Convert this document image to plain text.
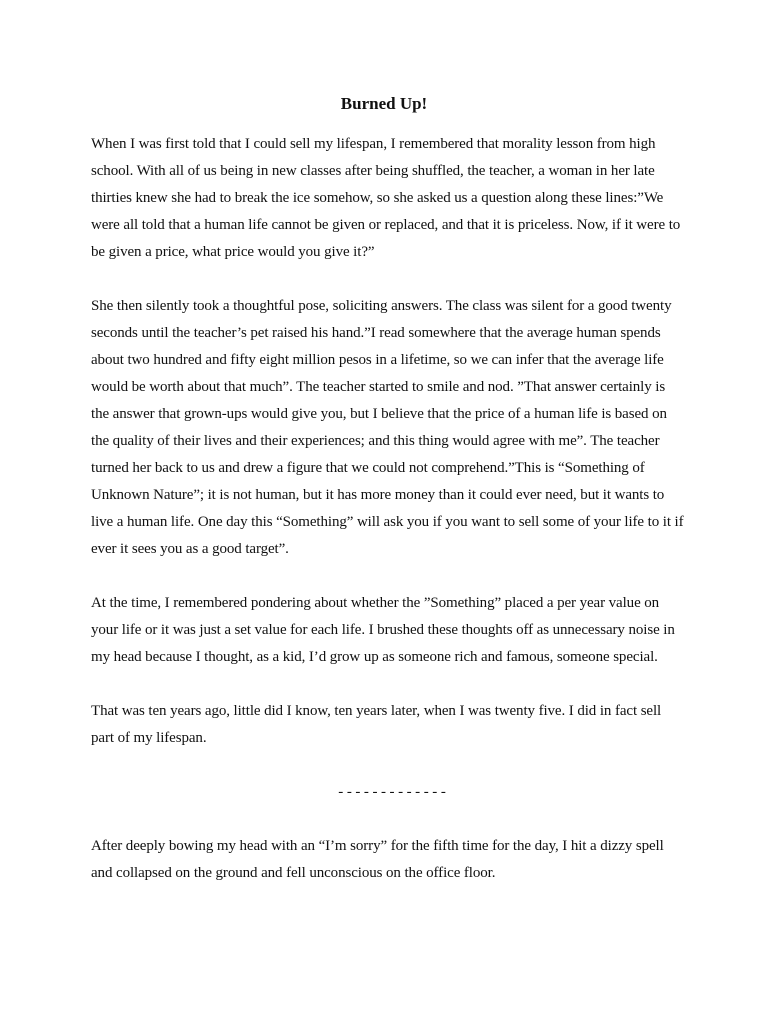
Burned Up!

When I was first told that I could sell my lifespan, I remembered that morality lesson from high school. With all of us being in new classes after being shuffled, the teacher, a woman in her late thirties knew she had to break the ice somehow, so she asked us a question along these lines:”We were all told that a human life cannot be given or replaced, and that it is priceless. Now, if it were to be given a price, what price would you give it?”

She then silently took a thoughtful pose, soliciting answers. The class was silent for a good twenty seconds until the teacher’s pet raised his hand.”I read somewhere that the average human spends about two hundred and fifty eight million pesos in a lifetime, so we can infer that the average life would be worth about that much”. The teacher started to smile and nod. ”That answer certainly is the answer that grown-ups would give you, but I believe that the price of a human life is based on the quality of their lives and their experiences; and this thing would agree with me”. The teacher turned her back to us and drew a figure that we could not comprehend.”This is “Something of Unknown Nature”; it is not human, but it has more money than it could ever need, but it wants to live a human life. One day this “Something” will ask you if you want to sell some of your life to it if ever it sees you as a good target”.

At the time, I remembered pondering about whether the ”Something” placed a per year value on your life or it was just a set value for each life. I brushed these thoughts off as unnecessary noise in my head because I thought, as a kid, I’d grow up as someone rich and famous, someone special.

That was ten years ago, little did I know, ten years later, when I was twenty five. I did in fact sell part of my lifespan.

- - - - - - - - - - - - -

After deeply bowing my head with an “I’m sorry” for the fifth time for the day, I hit a dizzy spell and collapsed on the ground and fell unconscious on the office floor.
